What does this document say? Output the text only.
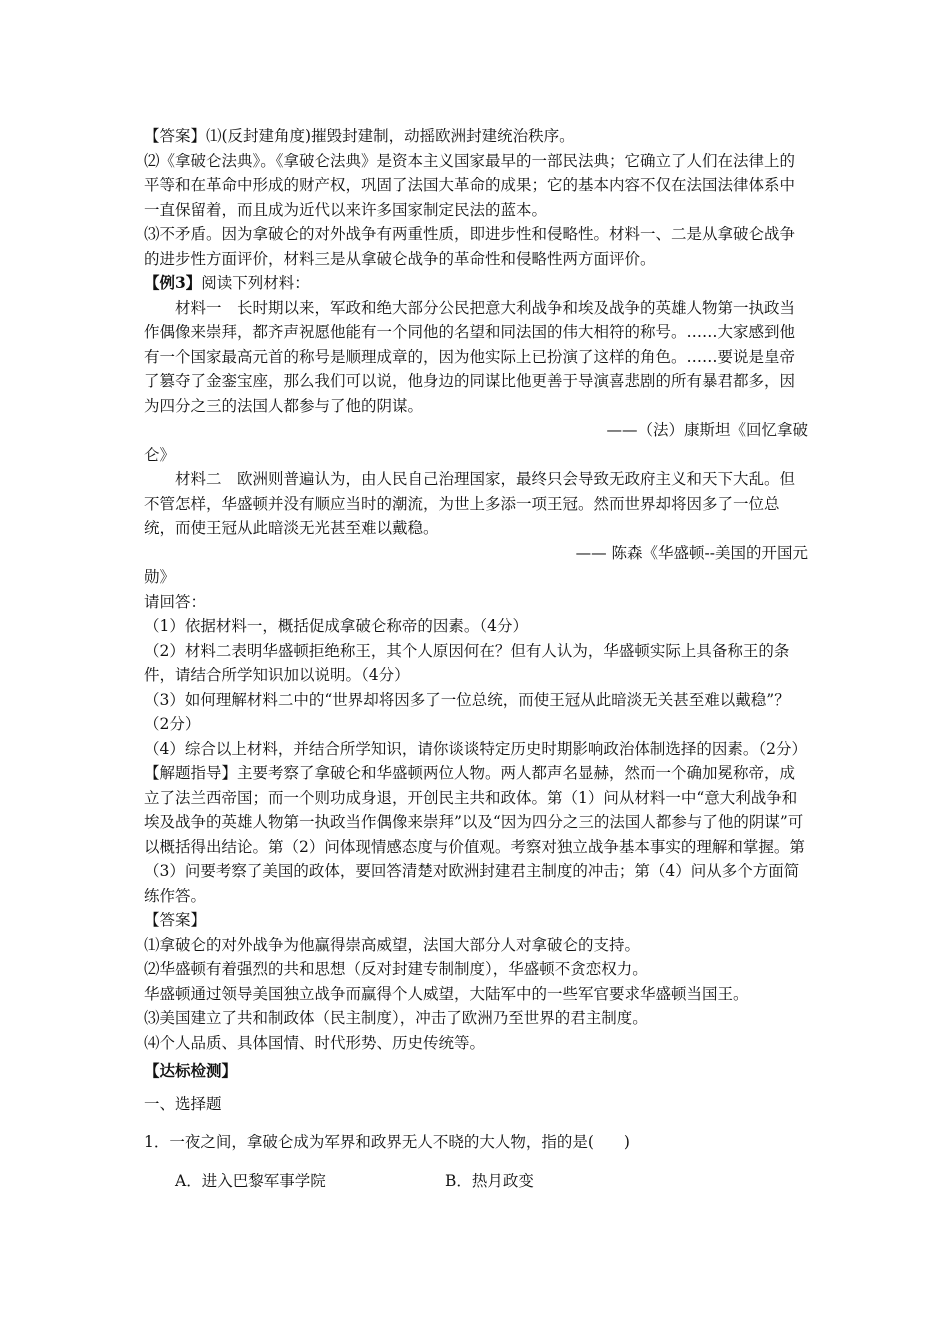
【答案】⑴(反封建角度)摧毁封建制，动摇欧洲封建统治秩序。

⑵《拿破仑法典》。《拿破仑法典》是资本主义国家最早的一部民法典；它确立了人们在法律上的平等和在革命中形成的财产权，巩固了法国大革命的成果；它的基本内容不仅在法国法律体系中一直保留着，而且成为近代以来许多国家制定民法的蓝本。

⑶不矛盾。因为拿破仑的对外战争有两重性质，即进步性和侵略性。材料一、二是从拿破仑战争的进步性方面评价，材料三是从拿破仑战争的革命性和侵略性两方面评价。

【例3】阅读下列材料：

材料一　长时期以来，军政和绝大部分公民把意大利战争和埃及战争的英雄人物第一执政当作偶像来崇拜，都齐声祝愿他能有一个同他的名望和同法国的伟大相符的称号。……大家感到他有一个国家最高元首的称号是顺理成章的，因为他实际上已扮演了这样的角色。……要说是皇帝了篡夺了金銮宝座，那么我们可以说，他身边的同谋比他更善于导演喜悲剧的所有暴君都多，因为四分之三的法国人都参与了他的阴谋。

——（法）康斯坦《回忆拿破

仑》

材料二　欧洲则普遍认为，由人民自己治理国家，最终只会导致无政府主义和天下大乱。但不管怎样，华盛顿并没有顺应当时的潮流，为世上多添一项王冠。然而世界却将因多了一位总统，而使王冠从此暗淡无光甚至难以戴稳。

—— 陈森《华盛顿--美国的开国元

勋》

请回答：

（1）依据材料一，概括促成拿破仑称帝的因素。（4分）

（2）材料二表明华盛顿拒绝称王，其个人原因何在？但有人认为，华盛顿实际上具备称王的条件，请结合所学知识加以说明。（4分）

（3）如何理解材料二中的“世界却将因多了一位总统，而使王冠从此暗淡无关甚至难以戴稳”？（2分）

（4）综合以上材料，并结合所学知识，请你谈谈特定历史时期影响政治体制选择的因素。（2分）

【解题指导】主要考察了拿破仑和华盛顿两位人物。两人都声名显赫，然而一个确加冕称帝，成立了法兰西帝国；而一个则功成身退，开创民主共和政体。第（1）问从材料一中“意大利战争和埃及战争的英雄人物第一执政当作偶像来崇拜”以及“因为四分之三的法国人都参与了他的阴谋”可以概括得出结论。第（2）问体现情感态度与价值观。考察对独立战争基本事实的理解和掌握。第（3）问要考察了美国的政体，要回答清楚对欧洲封建君主制度的冲击；第（4）问从多个方面简练作答。

【答案】

⑴拿破仑的对外战争为他赢得崇高威望，法国大部分人对拿破仑的支持。

⑵华盛顿有着强烈的共和思想（反对封建专制制度），华盛顿不贪恋权力。

华盛顿通过领导美国独立战争而赢得个人威望，大陆军中的一些军官要求华盛顿当国王。

⑶美国建立了共和制政体（民主制度），冲击了欧洲乃至世界的君主制度。

⑷个人品质、具体国情、时代形势、历史传统等。

【达标检测】

一、选择题

1．一夜之间，拿破仑成为军界和政界无人不晓的大人物，指的是( )

A．进入巴黎军事学院	B．热月政变
